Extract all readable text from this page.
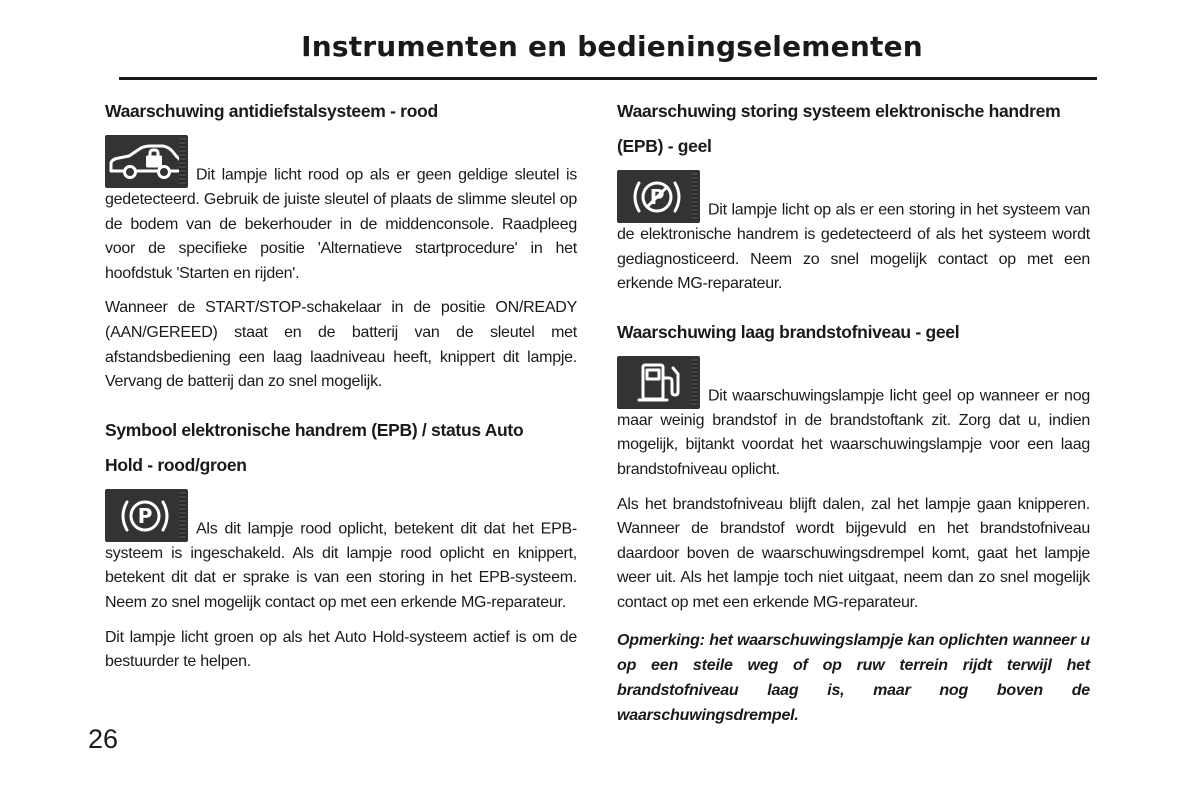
Instrumenten en bedieningselementen
Waarschuwing antidiefstalsysteem - rood

Dit lampje licht rood op als er geen geldige sleutel is gedetecteerd. Gebruik de juiste sleutel of plaats de slimme sleutel op de bodem van de bekerhouder in de middenconsole. Raadpleeg voor de specifieke positie 'Alternatieve startprocedure' in het hoofdstuk 'Starten en rijden'.

Wanneer de START/STOP-schakelaar in de positie ON/READY (AAN/GEREED) staat en de batterij van de sleutel met afstandsbediening een laag laadniveau heeft, knippert dit lampje. Vervang de batterij dan zo snel mogelijk.

Symbool elektronische handrem (EPB) / status Auto
Hold - rood/groen

P
Als dit lampje rood oplicht, betekent dit dat het EPB-systeem is ingeschakeld. Als dit lampje rood oplicht en knippert, betekent dit dat er sprake is van een storing in het EPB-systeem. Neem zo snel mogelijk contact op met een erkende MG-reparateur.

Dit lampje licht groen op als het Auto Hold-systeem actief is om de bestuurder te helpen.

Waarschuwing storing systeem elektronische handrem
(EPB) - geel

P
Dit lampje licht op als er een storing in het systeem van de elektronische handrem is gedetecteerd of als het systeem wordt gediagnosticeerd. Neem zo snel mogelijk contact op met een erkende MG-reparateur.

Waarschuwing laag brandstofniveau - geel

Dit waarschuwingslampje licht geel op wanneer er nog maar weinig brandstof in de brandstoftank zit. Zorg dat u, indien mogelijk, bijtankt voordat het waarschuwingslampje voor een laag brandstofniveau oplicht.

Als het brandstofniveau blijft dalen, zal het lampje gaan knipperen. Wanneer de brandstof wordt bijgevuld en het brandstofniveau daardoor boven de waarschuwingsdrempel komt, gaat het lampje weer uit. Als het lampje toch niet uitgaat, neem dan zo snel mogelijk contact op met een erkende MG-reparateur.

Opmerking: het waarschuwingslampje kan oplichten wanneer u op een steile weg of op ruw terrein rijdt terwijl het brandstofniveau laag is, maar nog boven de waarschuwingsdrempel.

26
